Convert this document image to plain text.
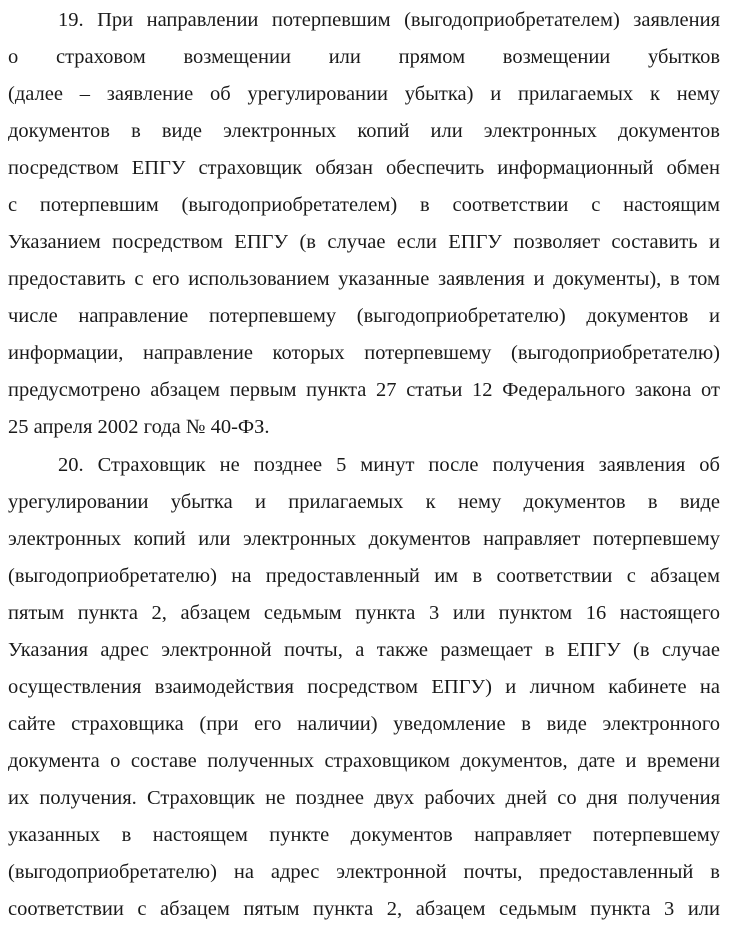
19. При направлении потерпевшим (выгодоприобретателем) заявления
о страховом возмещении или прямом возмещении убытков
(далее – заявление об урегулировании убытка) и прилагаемых к нему
документов в виде электронных копий или электронных документов
посредством ЕПГУ страховщик обязан обеспечить информационный обмен
с потерпевшим (выгодоприобретателем) в соответствии с настоящим
Указанием посредством ЕПГУ (в случае если ЕПГУ позволяет составить и
предоставить с его использованием указанные заявления и документы), в том
числе направление потерпевшему (выгодоприобретателю) документов и
информации, направление которых потерпевшему (выгодоприобретателю)
предусмотрено абзацем первым пункта 27 статьи 12 Федерального закона от
25 апреля 2002 года № 40-ФЗ.
20. Страховщик не позднее 5 минут после получения заявления об
урегулировании убытка и прилагаемых к нему документов в виде
электронных копий или электронных документов направляет потерпевшему
(выгодоприобретателю) на предоставленный им в соответствии с абзацем
пятым пункта 2, абзацем седьмым пункта 3 или пунктом 16 настоящего
Указания адрес электронной почты, а также размещает в ЕПГУ (в случае
осуществления взаимодействия посредством ЕПГУ) и личном кабинете на
сайте страховщика (при его наличии) уведомление в виде электронного
документа о составе полученных страховщиком документов, дате и времени
их получения. Страховщик не позднее двух рабочих дней со дня получения
указанных в настоящем пункте документов направляет потерпевшему
(выгодоприобретателю) на адрес электронной почты, предоставленный в
соответствии с абзацем пятым пункта 2, абзацем седьмым пункта 3 или
